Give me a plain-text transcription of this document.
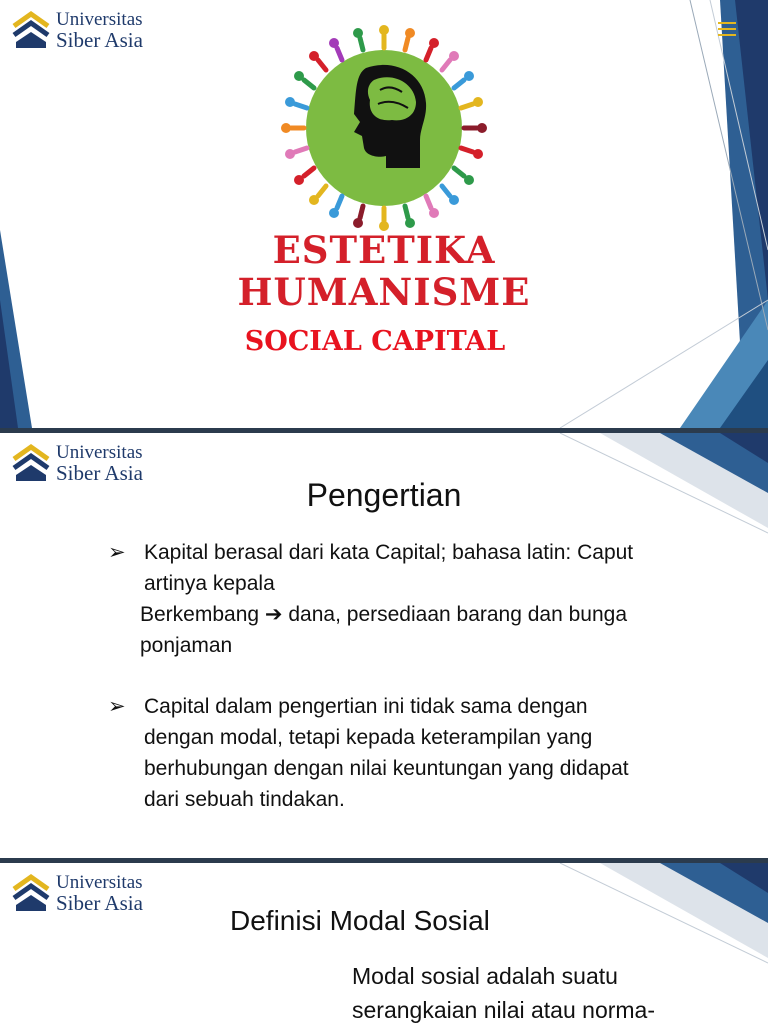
Universitas
Siber Asia
ESTETIKA
HUMANISME
SOCIAL CAPITAL
Universitas
Siber Asia
Pengertian
➢ Kapital berasal dari kata Capital; bahasa latin: Caput
artinya kepala
Berkembang ➔ dana, persediaan barang dan bunga
ponjaman
➢ Capital dalam pengertian ini tidak sama dengan
dengan modal, tetapi kepada keterampilan yang
berhubungan dengan nilai keuntungan yang didapat
dari sebuah tindakan.
Universitas
Siber Asia
Definisi Modal Sosial
Modal sosial adalah suatu
serangkaian nilai atau norma-
